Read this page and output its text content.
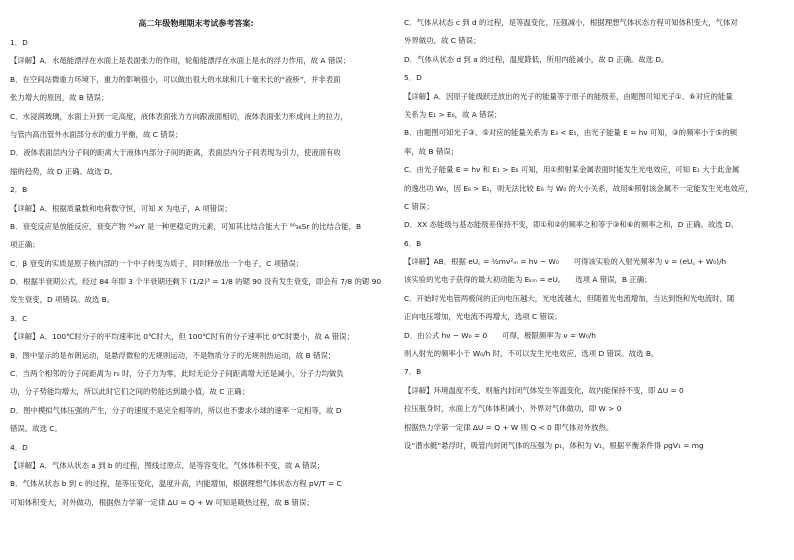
高二年级物理期末考试参考答案:
1．D
【详解】A．水黾能漂浮在水面上是表面张力的作用，轮船能漂浮在水面上是水的浮力作用，故 A 错误；
B．在空间站微重力环境下，重力的影响很小，可以做出很大的水球和几十毫米长的“液桥”，并非表面
张力增大的原因，故 B 错误；
C．水浸润玻璃，水面上升到一定高度，液体表面张力方向跟液面相切，液体表面张力形成向上的拉力，
与管内高出管外水面部分水的重力平衡，故 C 错误；
D．液体表面层内分子间的距离大于液体内部分子间的距离，表面层内分子间表现为引力，使液面有收
缩的趋势，故 D 正确。故选 D。
2．B
【详解】A．根据质量数和电荷数守恒，可知 X 为电子，A 项错误；
B．衰变反应是放能反应，衰变产物 ⁹⁰₃₉Y 是一种更稳定的元素，可知其比结合能大于 ⁹⁰₃₈Sr 的比结合能，B
项正确；
C．β 衰变的实质是原子核内部的一个中子转变为质子，同时释放出一个电子，C 项错误；
D．根据半衰期公式，经过 84 年即 3 个半衰期还剩下 (1/2)³ = 1/8 的锶 90 没有发生衰变，即会有 7/8 的锶 90
发生衰变，D 项错误。故选 B。
3．C
【详解】A．100℃时分子的平均速率比 0℃时大，但 100℃时有的分子速率比 0℃时要小，故 A 错误；
B．图中显示的是布朗运动，是悬浮微粒的无规则运动，不是物质分子的无规则热运动，故 B 错误；
C．当两个相邻的分子间距离为 r₀ 时，分子力为零，此时无论分子间距离增大还是减小，分子力均做负
功，分子势能均增大，所以此时它们之间的势能达到最小值，故 C 正确；
D．图中模拟气体压强的产生，分子的速度不是完全相等的，所以也不要求小球的速率一定相等，故 D
错误。故选 C。
4．D
【详解】A．气体从状态 a 到 b 的过程，图线过原点，是等容变化，气体体积不变，故 A 错误；
B．气体从状态 b 到 c 的过程，是等压变化，温度升高，内能增加，根据理想气体状态方程 pV/T = C
可知体积变大，对外做功，根据热力学第一定律 ΔU = Q + W 可知是吸热过程，故 B 错误；
C．气体从状态 c 到 d 的过程，是等温变化，压强减小，根据理想气体状态方程可知体积变大，气体对
外界做功，故 C 错误；
D．气体从状态 d 到 a 的过程，温度降低，所用内能减小，故 D 正确。故选 D。
5．D
【详解】A．因原子能级跃迁放出的光子的能量等于原子的能级差，由题图可知光子①、⑥对应的能量
关系为 E₁ > E₆，故 A 错误；
B．由题图可知光子③、⑤对应的能量关系为 E₃ < E₅，由光子能量 E = hν 可知，③的频率小于⑤的频
率，故 B 错误；
C．由光子能量 E = hν 和 E₁ > E₆ 可知，用①照射某金属表面时能发生光电效应，可知 E₁ 大于此金属
的逸出功 W₀，因 E₆ > E₁，则无法比较 E₆ 与 W₀ 的大小关系，故用⑥照射该金属不一定能发生光电效应，
C 错误；
D．XX 态能级与基态能级差保持不变，即①和②的频率之和等于③和⑥的频率之和，D 正确。故选 D。
6．B
【详解】AB．根据 eU꜀ = ½mv²ₘ = hν − W₀　　可得该实验的入射光频率为 ν = (eU꜀ + W₀)/h
该实验的光电子获得的最大初动能为 Eₖₘ = eU꜀　　选项 A 错误，B 正确；
C．开始时光电管两极间的正向电压越大，光电流越大，但随着光电流增加，当达到饱和光电流时，随
正向电压增加，光电流不再增大，选项 C 错误；
D．由公式 hν − W₀ = 0　　可得，极限频率为 ν = W₀/h
则入射光的频率小于 W₀/h 时，不可以发生光电效应，选项 D 错误。故选 B。
7．B
【详解】环境温度不变，则瓶内封闭气体发生等温变化，故内能保持不变，即 ΔU = 0
拉压瓶身时，水面上方气体体积减小，外界对气体做功，即 W > 0
根据热力学第一定律 ΔU = Q + W 则 Q < 0 即气体对外放热。
设“潜水艇”悬浮时，吸管内封闭气体的压强为 p₁，体积为 V₁，根据平衡条件得 ρgV₁ = mg
